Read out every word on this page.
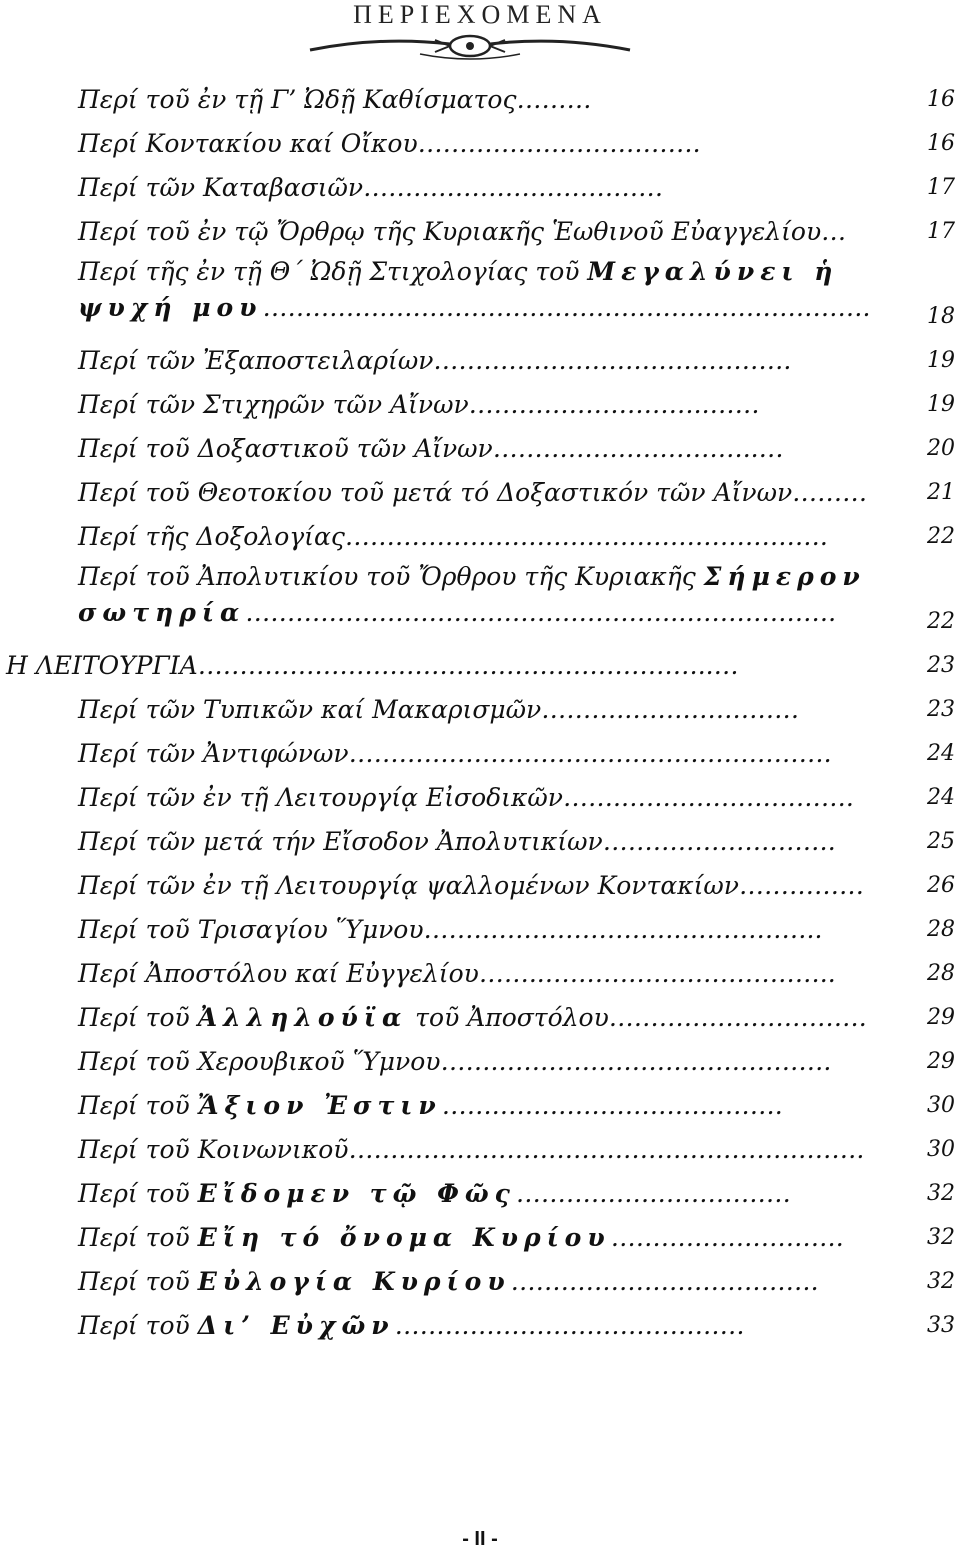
ΠΕΡΙΕΧΟΜΕΝΑ
Περί τοῦ ἐν τῇ Γ’ Ὠδῇ Καθίσματος………	16
Περί Κοντακίου καί Οἴκου…………………………….	16
Περί τῶν Καταβασιῶν………………………………	17
Περί τοῦ ἐν τῷ Ὄρθρῳ τῆς Κυριακῆς Ἑωθινοῦ Εὐαγγελίου…	17
Περί τῆς ἐν τῇ Θ΄ Ὠδῇ Στιχολογίας τοῦ Μεγαλύνει ἡ
ψυχή μου……………………………………………………………….	18
Περί τῶν Ἐξαποστειλαρίων…………………………………….	19
Περί τῶν Στιχηρῶν τῶν Αἴνων………………………..……	19
Περί τοῦ Δοξαστικοῦ τῶν Αἴνων…………………………..…	20
Περί τοῦ Θεοτοκίου τοῦ μετά τό Δοξαστικόν τῶν Αἴνων………	21
Περί τῆς Δοξολογίας………………………………………………….	22
Περί τοῦ Ἀπολυτικίου τοῦ Ὄρθρου τῆς Κυριακῆς Σήμερον
σωτηρία…………………………………………….……………….	22
Η ΛΕΙΤΟΥΡΓΙΑ……………………………………………………..…	23
Περί τῶν Τυπικῶν καί Μακαρισμῶν……….…………………	23
Περί τῶν Ἀντιφώνων………………………………………………….	24
Περί τῶν ἐν τῇ Λειτουργίᾳ Εἰσοδικῶν…….……………………….	24
Περί τῶν μετά τήν Εἴσοδον Ἀπολυτικίων……………………….	25
Περί τῶν ἐν τῇ Λειτουργίᾳ ψαλλομένων Κοντακίων……………	26
Περί τοῦ Τρισαγίου Ὕμνου………………………….……………..	28
Περί Ἀποστόλου καί Εὐγγελίου……..……………………………..	28
Περί τοῦ Ἀλληλούϊα τοῦ Ἀποστόλου………………………….	29
Περί τοῦ Χερουβικοῦ Ὕμνου…….………………………………….	29
Περί τοῦ Ἄξιον Ἐστιν…….…………………………….	30
Περί τοῦ Κοινωνικοῦ…….……………………………………………….	30
Περί τοῦ Εἴδομεν τῷ Φῶς……………………………	32
Περί τοῦ Εἴη τό ὄνομα Κυρίου……………………….	32
Περί τοῦ Εὐλογία Κυρίου……………………………….	32
Περί τοῦ Δι’ Εὐχῶν……………………………………	33
- ΙΙ -
